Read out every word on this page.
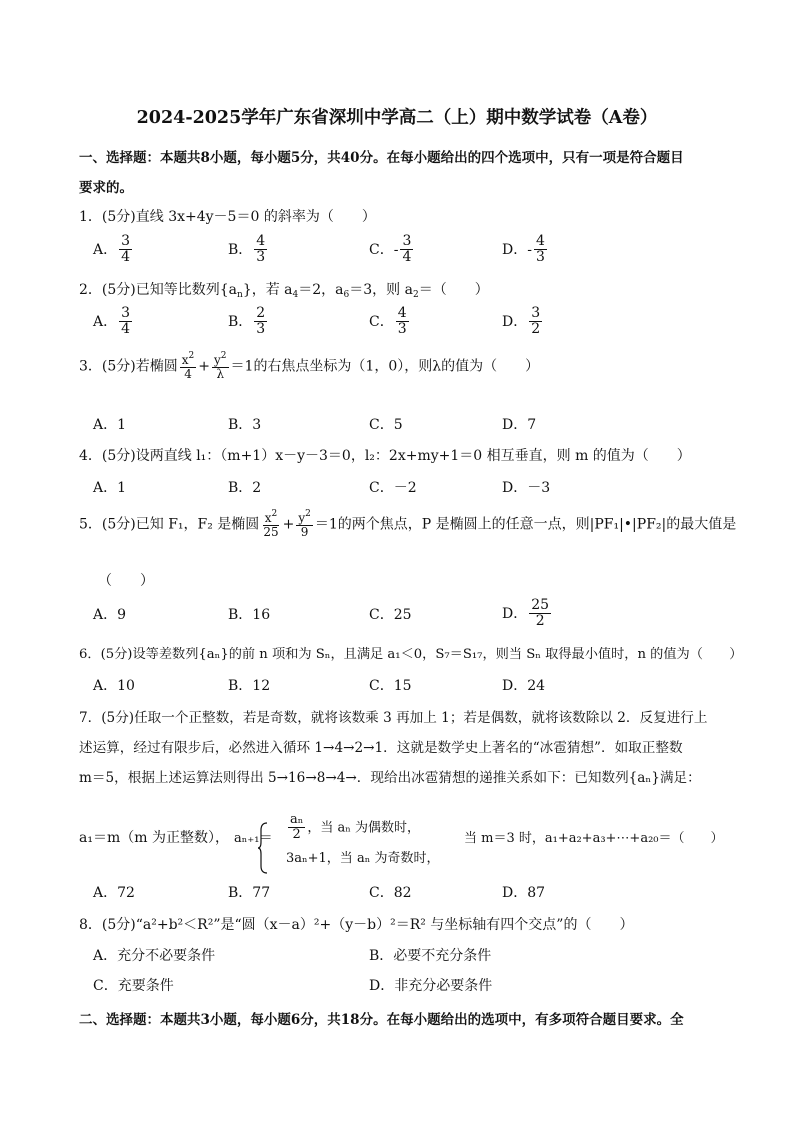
2024-2025学年广东省深圳中学高二（上）期中数学试卷（A卷）
一、选择题：本题共8小题，每小题5分，共40分。在每小题给出的四个选项中，只有一项是符合题目
要求的。
1．(5分)直线 3x+4y－5＝0 的斜率为（　　）
A． $\frac{3}{4}$	B． $\frac{4}{3}$	C．- $\frac{3}{4}$	D．- $\frac{4}{3}$
2．(5分)已知等比数列$\{a_n\}$，若 $a_4=2$，$a_6=3$，则 $a_2=$（　　）
A． $\frac{3}{4}$	B． $\frac{2}{3}$	C． $\frac{4}{3}$	D． $\frac{3}{2}$
3．(5分)若椭圆 $\frac{x^2}{4} + \frac{y^2}{\lambda} =1$的右焦点坐标为（1，0），则λ的值为（　　）
A．1	B．3	C．5	D．7
4．(5分)设两直线 l₁：（m+1）x－y－3＝0，l₂：2x+my+1＝0 相互垂直，则 m 的值为（　　）
A．1	B．2	C．－2	D．－3
5．(5分)已知 F₁，F₂ 是椭圆 $\frac{x^2}{25} + \frac{y^2}{9} =1$的两个焦点，P 是椭圆上的任意一点，则|PF₁|•|PF₂|的最大值是
（　　）
A．9	B．16	C．25	D． $\frac{25}{2}$
6．(5分)设等差数列{aₙ}的前 n 项和为 Sₙ，且满足 a₁＜0，S₇＝S₁₇，则当 Sₙ 取得最小值时，n 的值为（　　）
A．10	B．12	C．15	D．24
7．(5分)任取一个正整数，若是奇数，就将该数乘 3 再加上 1；若是偶数，就将该数除以 2．反复进行上
述运算，经过有限步后，必然进入循环 1→4→2→1．这就是数学史上著名的“冰雹猜想”．如取正整数
m＝5，根据上述运算法则得出 5→16→8→4→．现给出冰雹猜想的递推关系如下：已知数列{aₙ}满足：
a₁＝m（m 为正整数）， $a_{n+1}= \frac{\text{aₙ}}{2}$ ，当 aₙ 为偶数时，
3aₙ+1，当 aₙ 为奇数时，
当 m＝3 时，a₁+a₂+a₃+⋯+a₂₀＝（　　）
A．72	B．77	C．82	D．87
8．(5分)“a²+b²＜R²”是“圆（x－a）²+（y－b）²＝R² 与坐标轴有四个交点”的（　　）
A．充分不必要条件	B．必要不充分条件
C．充要条件	D．非充分必要条件
二、选择题：本题共3小题，每小题6分，共18分。在每小题给出的选项中，有多项符合题目要求。全
